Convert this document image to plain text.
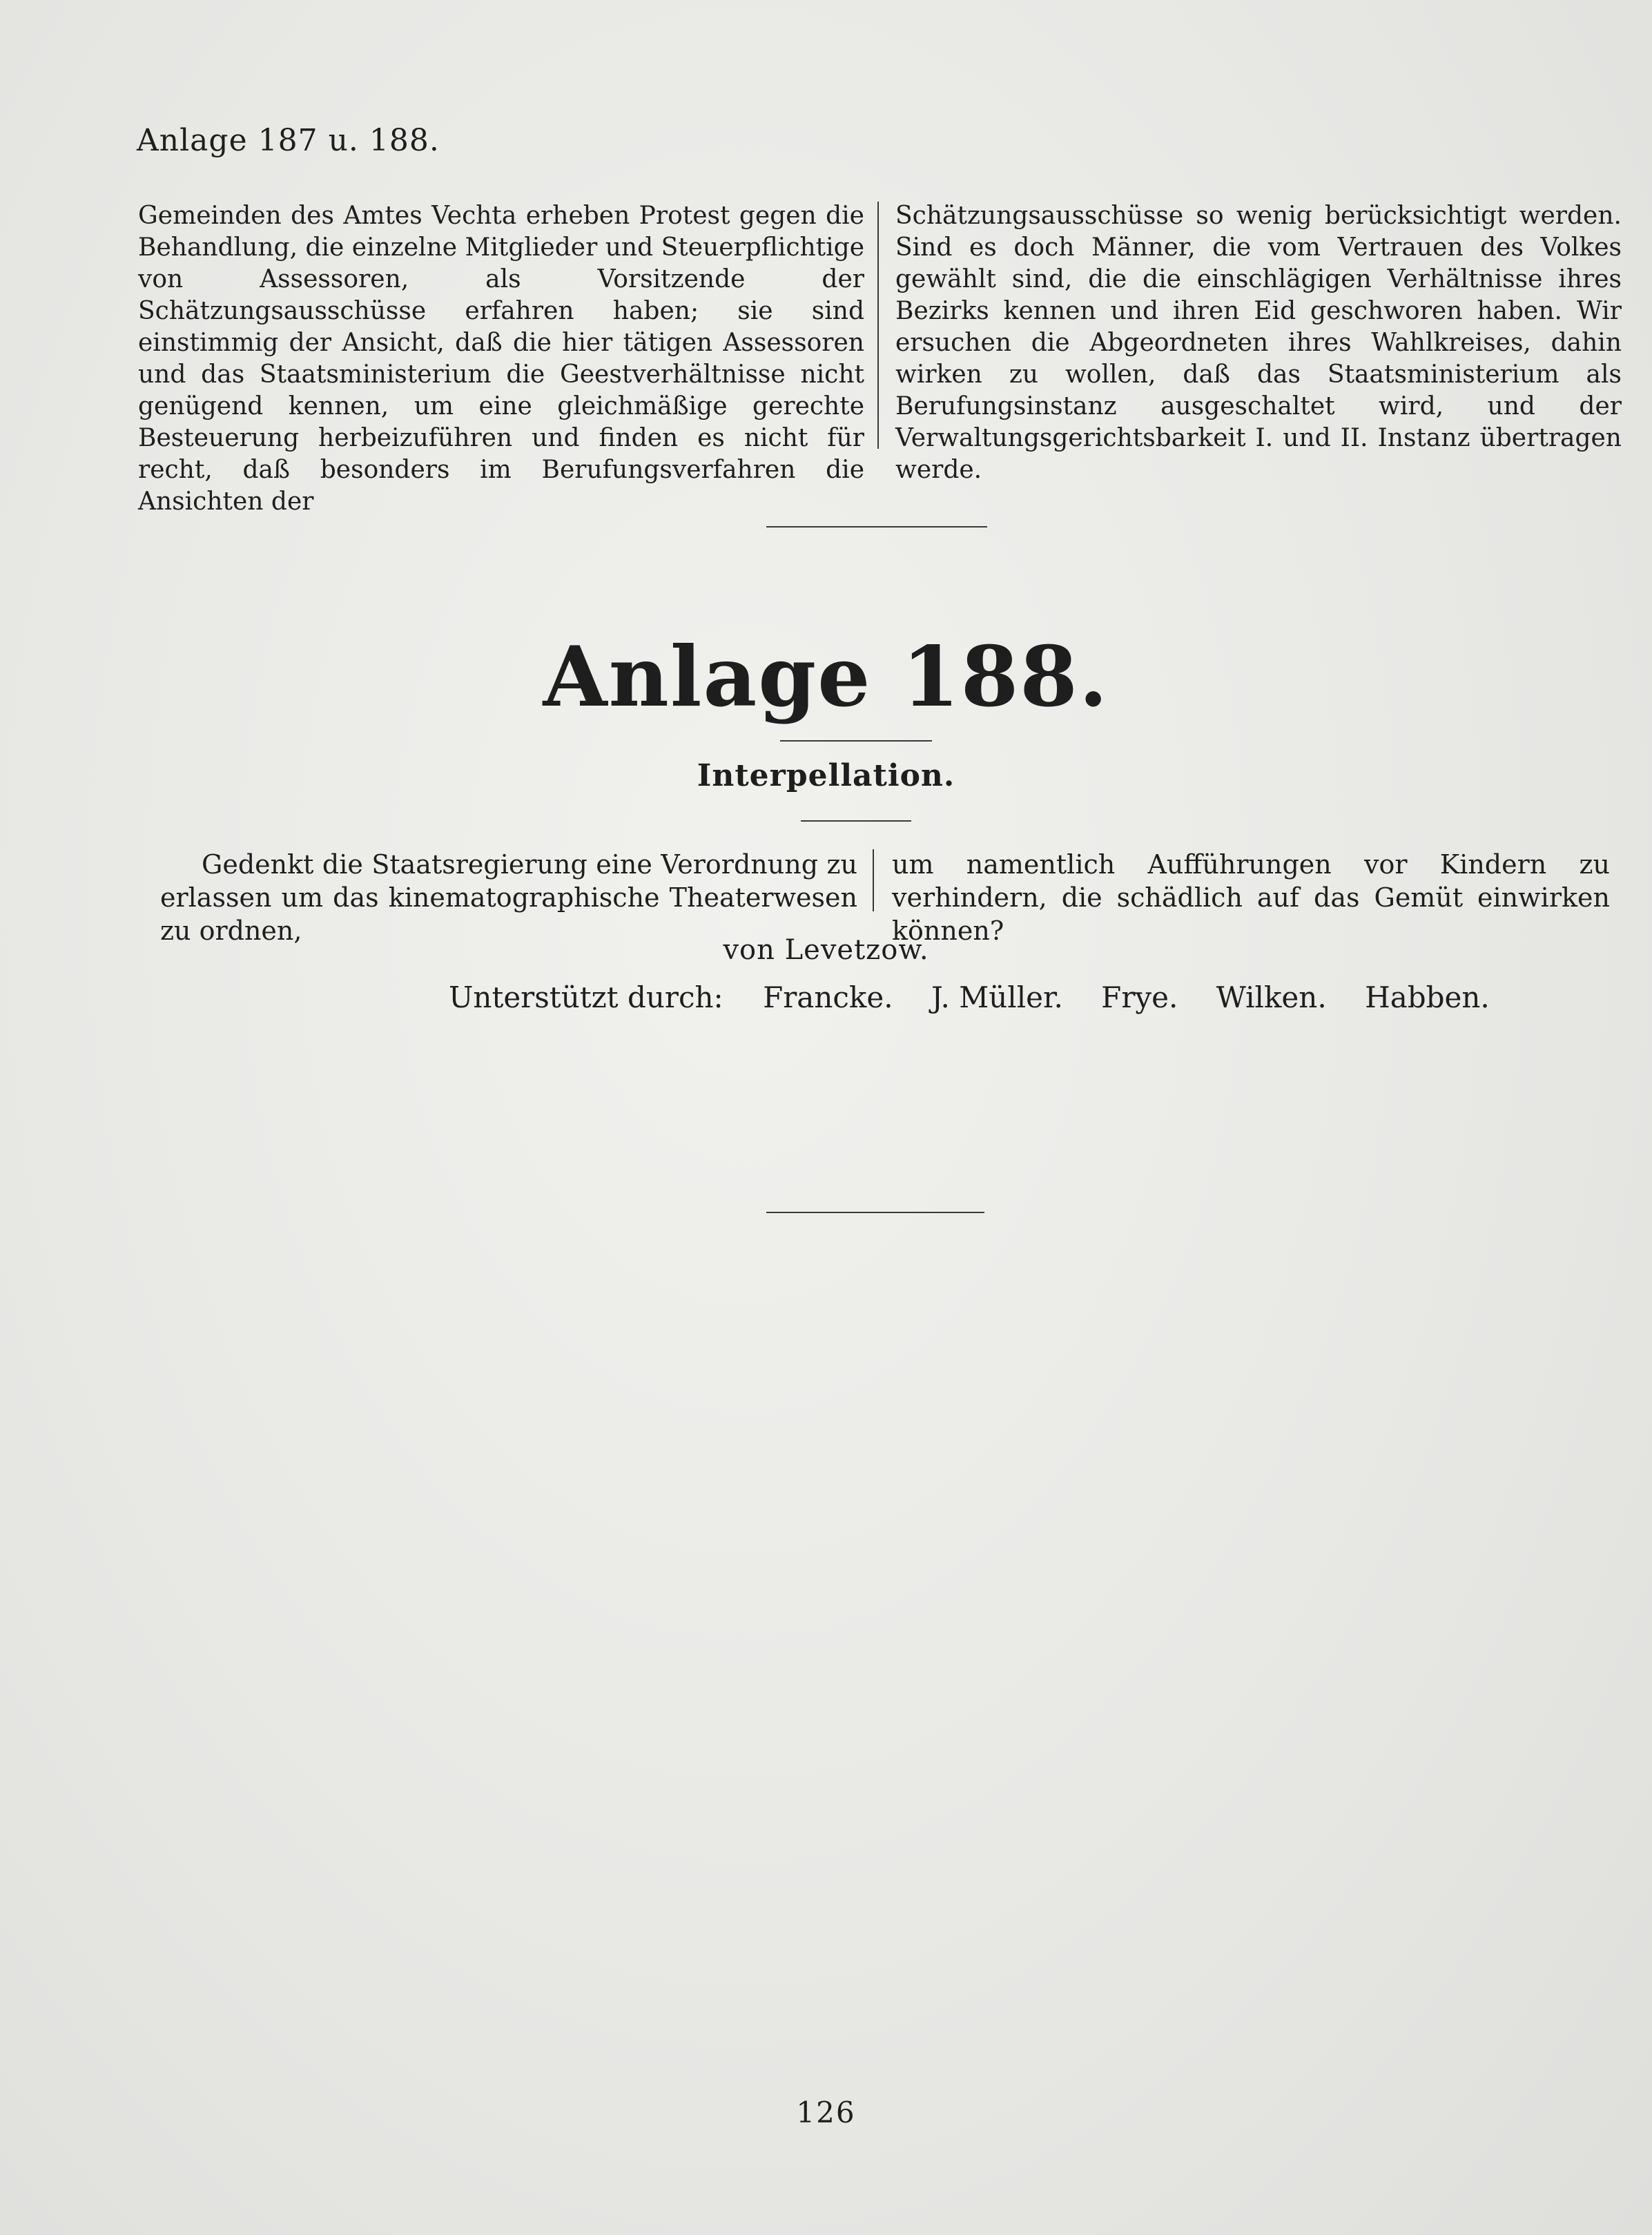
Anlage 187 u. 188.

Gemeinden des Amtes Vechta erheben Protest gegen die Behandlung, die einzelne Mitglieder und Steuerpflichtige von Assessoren, als Vorsitzende der Schätzungsausschüsse erfahren haben; sie sind einstimmig der Ansicht, daß die hier tätigen Assessoren und das Staatsministerium die Geestverhältnisse nicht genügend kennen, um eine gleichmäßige gerechte Besteuerung herbeizuführen und finden es nicht für recht, daß besonders im Berufungsverfahren die Ansichten der

Schätzungsausschüsse so wenig berücksichtigt werden. Sind es doch Männer, die vom Vertrauen des Volkes gewählt sind, die die einschlägigen Verhältnisse ihres Bezirks kennen und ihren Eid geschworen haben. Wir ersuchen die Abgeordneten ihres Wahlkreises, dahin wirken zu wollen, daß das Staatsministerium als Berufungsinstanz ausgeschaltet wird, und der Verwaltungsgerichtsbarkeit I. und II. Instanz übertragen werde.

Anlage 188.
Interpellation.

Gedenkt die Staatsregierung eine Verordnung zu erlassen um das kinematographische Theaterwesen zu ordnen,

um namentlich Aufführungen vor Kindern zu verhindern, die schädlich auf das Gemüt einwirken können?

von Levetzow.
Unterstützt durch: Francke. J. Müller. Frye. Wilken. Habben.
126
